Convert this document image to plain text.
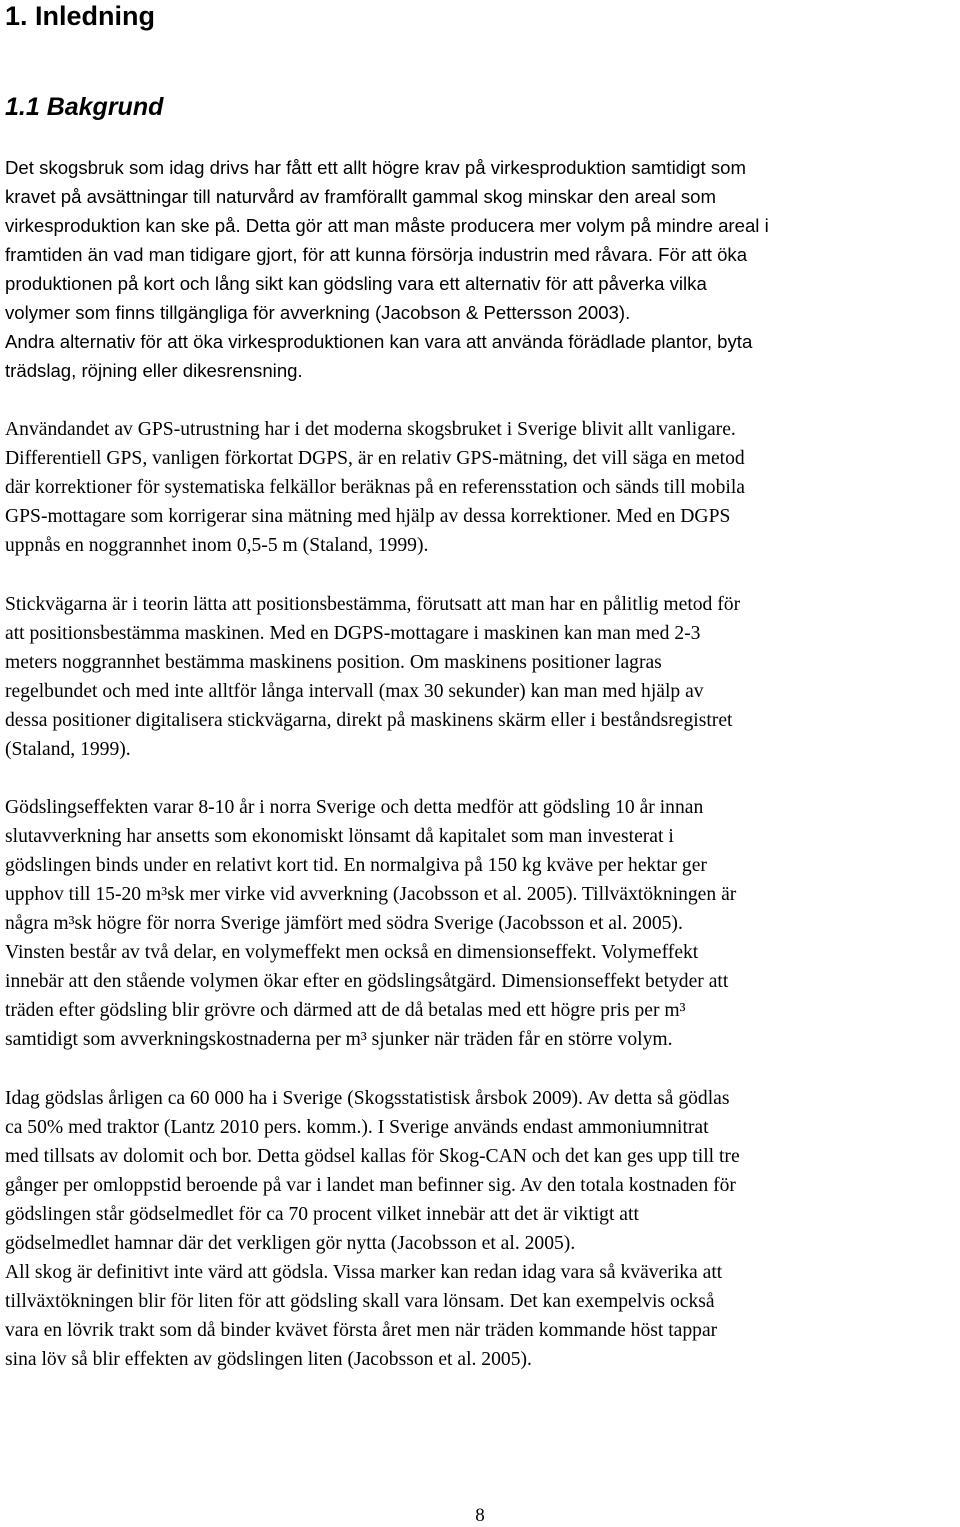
1. Inledning
1.1 Bakgrund

Det skogsbruk som idag drivs har fått ett allt högre krav på virkesproduktion samtidigt som
kravet på avsättningar till naturvård av framförallt gammal skog minskar den areal som
virkesproduktion kan ske på. Detta gör att man måste producera mer volym på mindre areal i
framtiden än vad man tidigare gjort, för att kunna försörja industrin med råvara. För att öka
produktionen på kort och lång sikt kan gödsling vara ett alternativ för att påverka vilka
volymer som finns tillgängliga för avverkning (Jacobson & Pettersson 2003).
Andra alternativ för att öka virkesproduktionen kan vara att använda förädlade plantor, byta
trädslag, röjning eller dikesrensning.

Användandet av GPS-utrustning har i det moderna skogsbruket i Sverige blivit allt vanligare.
Differentiell GPS, vanligen förkortat DGPS, är en relativ GPS-mätning, det vill säga en metod
där korrektioner för systematiska felkällor beräknas på en referensstation och sänds till mobila
GPS-mottagare som korrigerar sina mätning med hjälp av dessa korrektioner. Med en DGPS
uppnås en noggrannhet inom 0,5-5 m (Staland, 1999).

Stickvägarna är i teorin lätta att positionsbestämma, förutsatt att man har en pålitlig metod för
att positionsbestämma maskinen. Med en DGPS-mottagare i maskinen kan man med 2-3
meters noggrannhet bestämma maskinens position. Om maskinens positioner lagras
regelbundet och med inte alltför långa intervall (max 30 sekunder) kan man med hjälp av
dessa positioner digitalisera stickvägarna, direkt på maskinens skärm eller i beståndsregistret
(Staland, 1999).

Gödslingseffekten varar 8-10 år i norra Sverige och detta medför att gödsling 10 år innan
slutavverkning har ansetts som ekonomiskt lönsamt då kapitalet som man investerat i
gödslingen binds under en relativt kort tid. En normalgiva på 150 kg kväve per hektar ger
upphov till 15-20 m³sk mer virke vid avverkning (Jacobsson et al. 2005). Tillväxtökningen är
några m³sk högre för norra Sverige jämfört med södra Sverige (Jacobsson et al. 2005).
Vinsten består av två delar, en volymeffekt men också en dimensionseffekt. Volymeffekt
innebär att den stående volymen ökar efter en gödslingsåtgärd. Dimensionseffekt betyder att
träden efter gödsling blir grövre och därmed att de då betalas med ett högre pris per m³
samtidigt som avverkningskostnaderna per m³ sjunker när träden får en större volym.

Idag gödslas årligen ca 60 000 ha i Sverige (Skogsstatistisk årsbok 2009). Av detta så gödlas
ca 50% med traktor (Lantz 2010 pers. komm.). I Sverige används endast ammoniumnitrat
med tillsats av dolomit och bor. Detta gödsel kallas för Skog-CAN och det kan ges upp till tre
gånger per omloppstid beroende på var i landet man befinner sig. Av den totala kostnaden för
gödslingen står gödselmedlet för ca 70 procent vilket innebär att det är viktigt att
gödselmedlet hamnar där det verkligen gör nytta (Jacobsson et al. 2005).
All skog är definitivt inte värd att gödsla. Vissa marker kan redan idag vara så kväverika att
tillväxtökningen blir för liten för att gödsling skall vara lönsam. Det kan exempelvis också
vara en lövrik trakt som då binder kvävet första året men när träden kommande höst tappar
sina löv så blir effekten av gödslingen liten (Jacobsson et al. 2005).

8
